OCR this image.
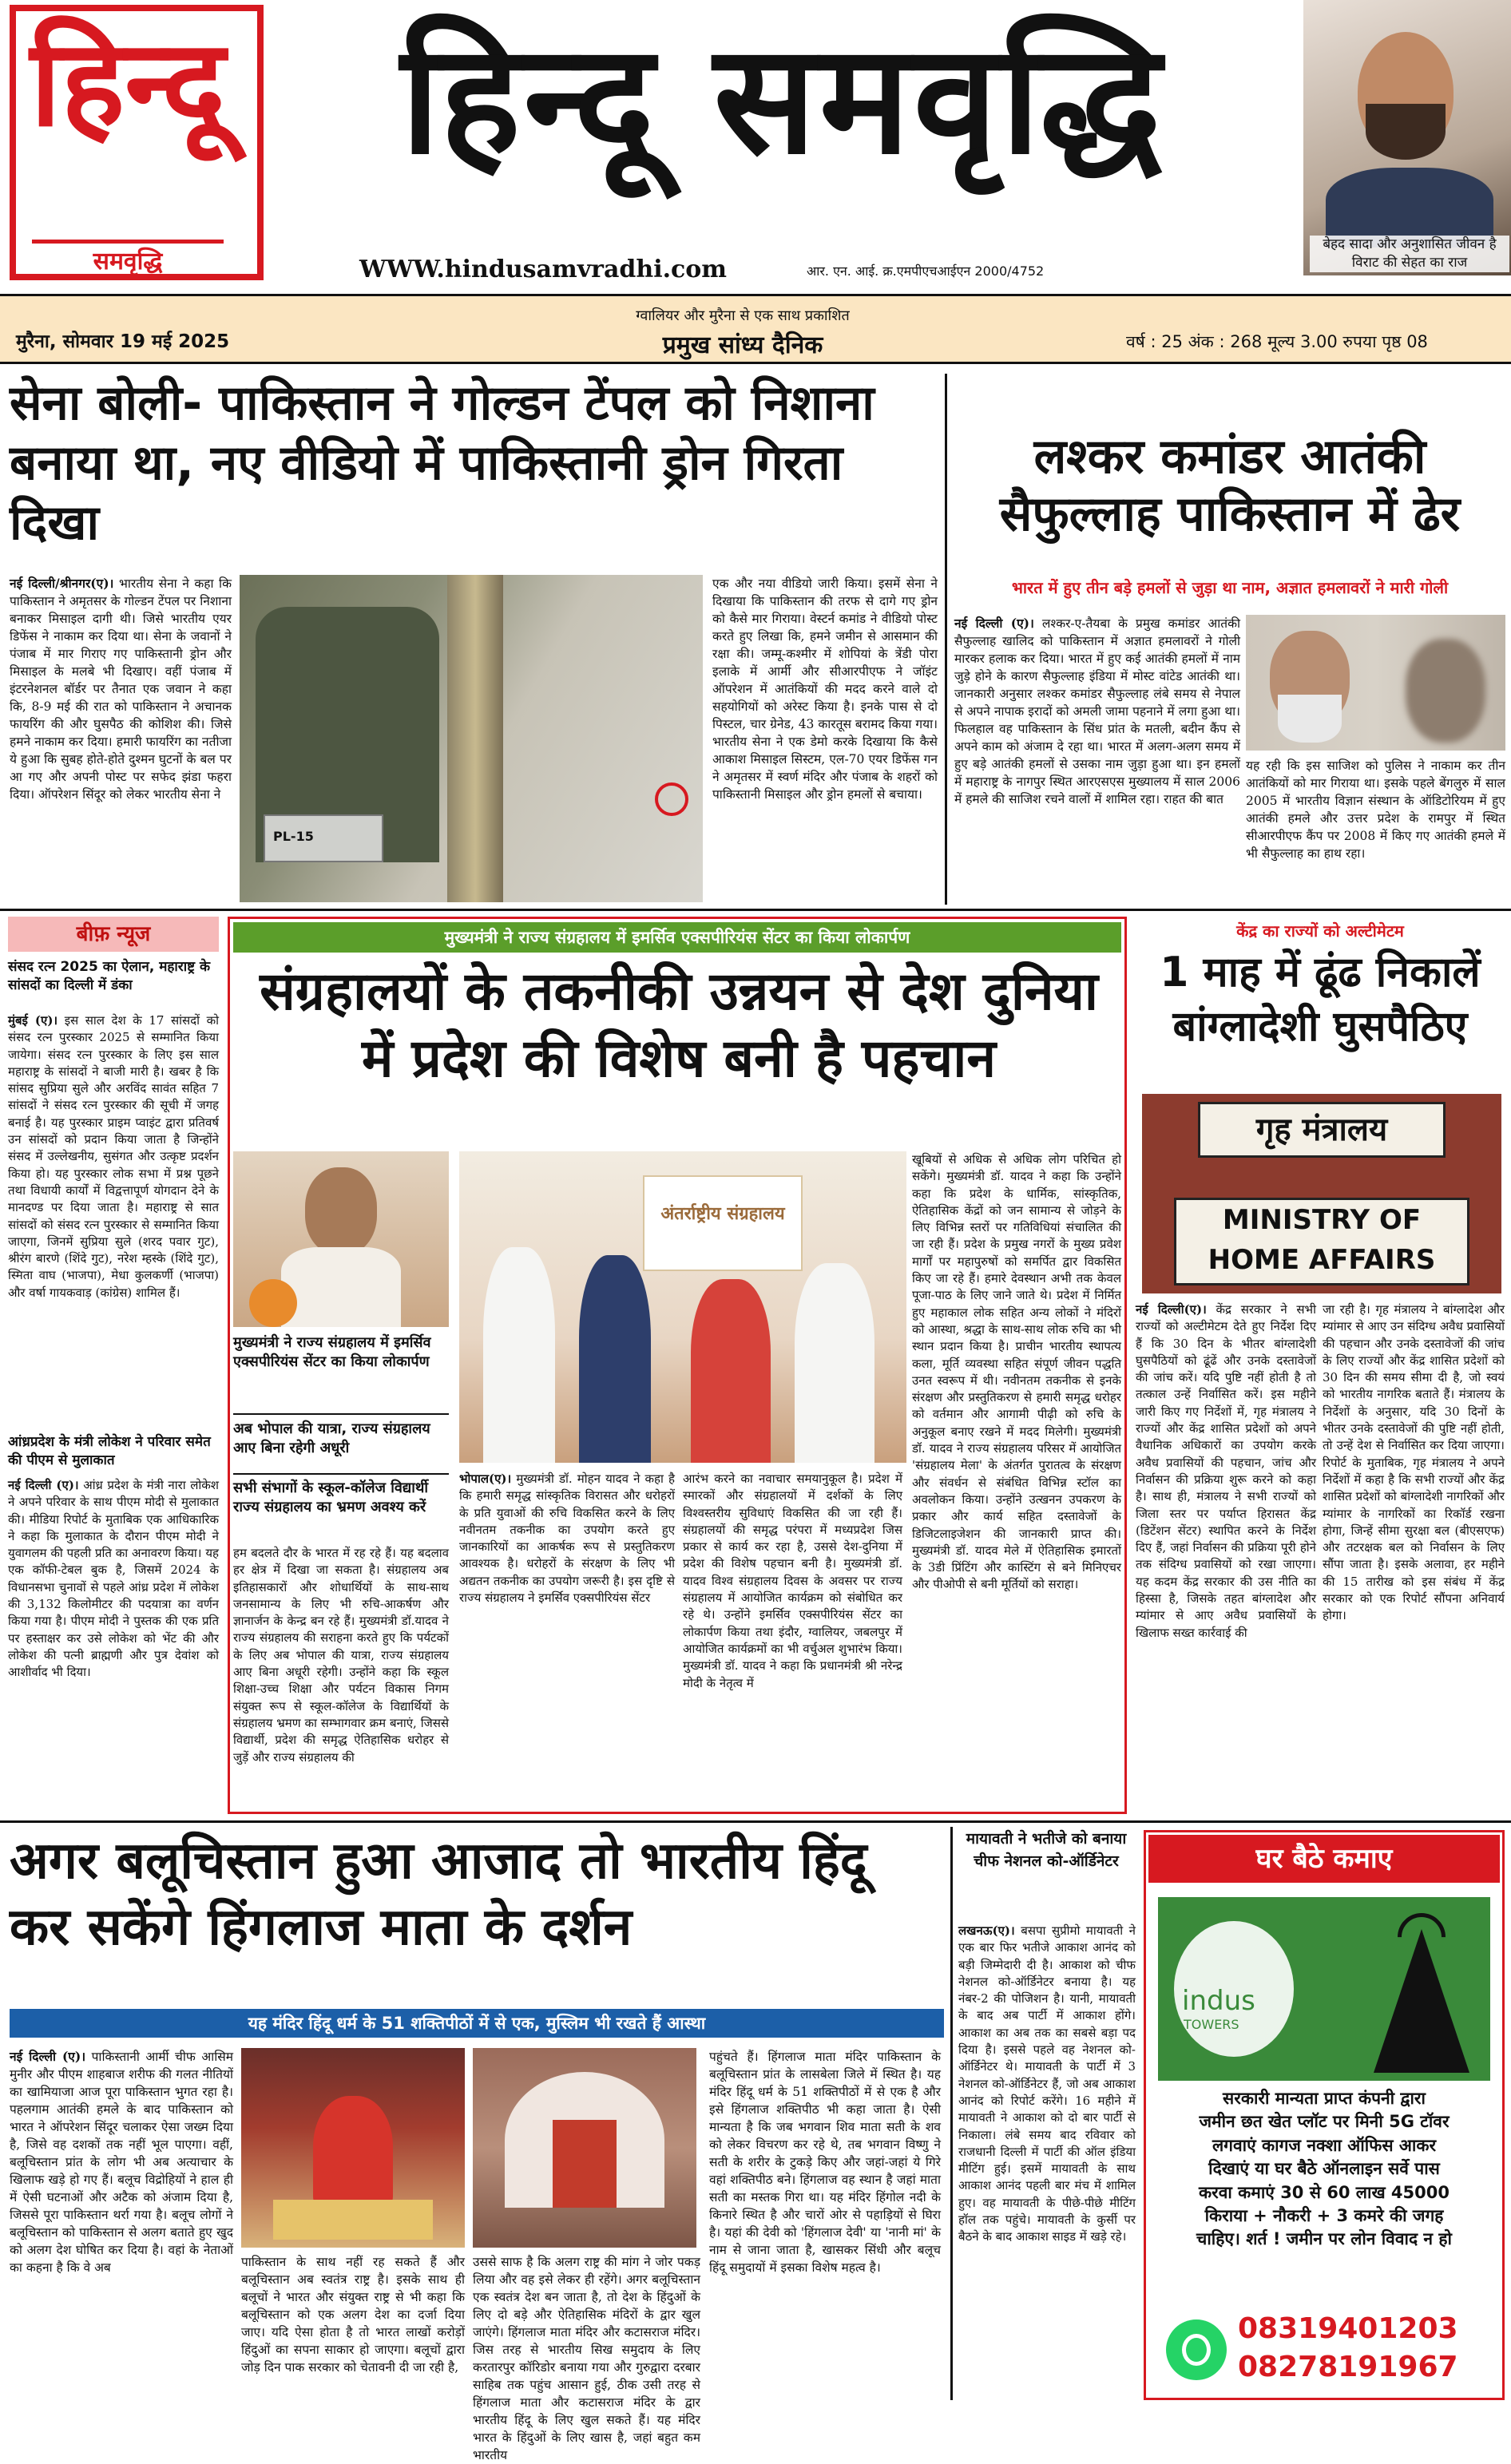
हिन्दू
समवृद्धि
हिन्दू समवृद्धि
WWW.hindusamvradhi.com	आर. एन. आई. क्र.एमपीएचआईएन 2000/4752
बेहद सादा और अनुशासित जीवन है विराट की सेहत का राज
मुरैना, सोमवार 19 मई 2025
ग्वालियर और मुरैना से एक साथ प्रकाशित
प्रमुख सांध्य दैनिक	वर्ष : 25 अंक : 268 मूल्य 3.00 रुपया पृष्ठ 08
सेना बोली- पाकिस्तान ने गोल्डन टेंपल को निशाना बनाया था, नए वीडियो में पाकिस्तानी ड्रोन गिरता दिखा
नई दिल्ली/श्रीनगर(ए)। भारतीय सेना ने कहा कि पाकिस्तान ने अमृतसर के गोल्डन टेंपल पर निशाना बनाकर मिसाइल दागी थी। जिसे भारतीय एयर डिफेंस ने नाकाम कर दिया था। सेना के जवानों ने पंजाब में मार गिराए गए पाकिस्तानी ड्रोन और मिसाइल के मलबे भी दिखाए। वहीं पंजाब में इंटरनेशनल बॉर्डर पर तैनात एक जवान ने कहा कि, 8-9 मई की रात को पाकिस्तान ने अचानक फायरिंग की और घुसपैठ की कोशिश की। जिसे हमने नाकाम कर दिया। हमारी फायरिंग का नतीजा ये हुआ कि सुबह होते-होते दुश्मन घुटनों के बल पर आ गए और अपनी पोस्ट पर सफेद झंडा फहरा दिया। ऑपरेशन सिंदूर को लेकर भारतीय सेना ने
PL-15
एक और नया वीडियो जारी किया। इसमें सेना ने दिखाया कि पाकिस्तान की तरफ से दागे गए ड्रोन को कैसे मार गिराया। वेस्टर्न कमांड ने वीडियो पोस्ट करते हुए लिखा कि, हमने जमीन से आसमान की रक्षा की। जम्मू-कश्मीर में शोपियां के त्रेंडी पोरा इलाके में आर्मी और सीआरपीएफ ने जॉइंट ऑपरेशन में आतंकियों की मदद करने वाले दो सहयोगियों को अरेस्ट किया है। इनके पास से दो पिस्टल, चार ग्रेनेड, 43 कारतूस बरामद किया गया। भारतीय सेना ने एक डेमो करके दिखाया कि कैसे आकाश मिसाइल सिस्टम, एल-70 एयर डिफेंस गन ने अमृतसर में स्वर्ण मंदिर और पंजाब के शहरों को पाकिस्तानी मिसाइल और ड्रोन हमलों से बचाया।
लश्कर कमांडर आतंकी सैफुल्लाह पाकिस्तान में ढेर
भारत में हुए तीन बड़े हमलों से जुड़ा था नाम, अज्ञात हमलावरों ने मारी गोली
नई दिल्ली (ए)। लश्कर-ए-तैयबा के प्रमुख कमांडर आतंकी सैफुल्लाह खालिद को पाकिस्तान में अज्ञात हमलावरों ने गोली मारकर हलाक कर दिया। भारत में हुए कई आतंकी हमलों में नाम जुड़े होने के कारण सैफुल्लाह इंडिया में मोस्ट वांटेड आतंकी था। जानकारी अनुसार लश्कर कमांडर सैफुल्लाह लंबे समय से नेपाल से अपने नापाक इरादों को अमली जामा पहनाने में लगा हुआ था। फिलहाल वह पाकिस्तान के सिंध प्रांत के मतली, बदीन कैंप से अपने काम को अंजाम दे रहा था। भारत में अलग-अलग समय में हुए बड़े आतंकी हमलों से उसका नाम जुड़ा हुआ था। इन हमलों में महाराष्ट्र के नागपुर स्थित आरएसएस मुख्यालय में साल 2006 में हमले की साजिश रचने वालों में शामिल रहा। राहत की बात
यह रही कि इस साजिश को पुलिस ने नाकाम कर तीन आतंकियों को मार गिराया था। इसके पहले बेंगलुरु में साल 2005 में भारतीय विज्ञान संस्थान के ऑडिटोरियम में हुए आतंकी हमले और उत्तर प्रदेश के रामपुर में स्थित सीआरपीएफ कैंप पर 2008 में किए गए आतंकी हमले में भी सैफुल्लाह का हाथ रहा।
बीफ़ न्यूज
संसद रत्न 2025 का ऐलान, महाराष्ट्र के सांसदों का दिल्ली में डंका
मुंबई (ए)। इस साल देश के 17 सांसदों को संसद रत्न पुरस्कार 2025 से सम्मानित किया जायेगा। संसद रत्न पुरस्कार के लिए इस साल महाराष्ट्र के सांसदों ने बाजी मारी है। खबर है कि सांसद सुप्रिया सुले और अरविंद सावंत सहित 7 सांसदों ने संसद रत्न पुरस्कार की सूची में जगह बनाई है। यह पुरस्कार प्राइम प्वाइंट द्वारा प्रतिवर्ष उन सांसदों को प्रदान किया जाता है जिन्होंने संसद में उल्लेखनीय, सुसंगत और उत्कृष्ट प्रदर्शन किया हो। यह पुरस्कार लोक सभा में प्रश्न पूछने तथा विधायी कार्यों में विद्वत्तापूर्ण योगदान देने के मानदण्ड पर दिया जाता है। महाराष्ट्र से सात सांसदों को संसद रत्न पुरस्कार से सम्मानित किया जाएगा, जिनमें सुप्रिया सुले (शरद पवार गुट), श्रीरंग बारणे (शिंदे गुट), नरेश म्हस्के (शिंदे गुट), स्मिता वाघ (भाजपा), मेधा कुलकर्णी (भाजपा) और वर्षा गायकवाड़ (कांग्रेस) शामिल हैं।
आंध्रप्रदेश के मंत्री लोकेश ने परिवार समेत की पीएम से मुलाकात
नई दिल्ली (ए)। आंध्र प्रदेश के मंत्री नारा लोकेश ने अपने परिवार के साथ पीएम मोदी से मुलाकात की। मीडिया रिपोर्ट के मुताबिक एक आधिकारिक ने कहा कि मुलाकात के दौरान पीएम मोदी ने युवागलम की पहली प्रति का अनावरण किया। यह एक कॉफी-टेबल बुक है, जिसमें 2024 के विधानसभा चुनावों से पहले आंध्र प्रदेश में लोकेश की 3,132 किलोमीटर की पदयात्रा का वर्णन किया गया है। पीएम मोदी ने पुस्तक की एक प्रति पर हस्ताक्षर कर उसे लोकेश को भेंट की और लोकेश की पत्नी ब्राह्मणी और पुत्र देवांश को आशीर्वाद भी दिया।
मुख्यमंत्री ने राज्य संग्रहालय में इमर्सिव एक्सपीरियंस सेंटर का किया लोकार्पण
संग्रहालयों के तकनीकी उन्नयन से देश दुनिया में प्रदेश की विशेष बनी है पहचान
मुख्यमंत्री ने राज्य संग्रहालय में इमर्सिव एक्सपीरियंस सेंटर का किया लोकार्पण
अब भोपाल की यात्रा, राज्य संग्रहालय आए बिना रहेगी अधूरी
सभी संभागों के स्कूल-कॉलेज विद्यार्थी राज्य संग्रहालय का भ्रमण अवश्य करें
अंतर्राष्ट्रीय संग्रहालय
भोपाल(ए)। मुख्यमंत्री डॉ. मोहन यादव ने कहा है कि हमारी समृद्ध सांस्कृतिक विरासत और धरोहरों के प्रति युवाओं की रुचि विकसित करने के लिए नवीनतम तकनीक का उपयोग करते हुए जानकारियों का आकर्षक रूप से प्रस्तुतिकरण आवश्यक है। धरोहरों के संरक्षण के लिए भी अद्यतन तकनीक का उपयोग जरूरी है। इस दृष्टि से राज्य संग्रहालय ने इमर्सिव एक्सपीरियंस सेंटर
आरंभ करने का नवाचार समयानुकूल है। प्रदेश में स्मारकों और संग्रहालयों में दर्शकों के लिए विश्वस्तरीय सुविधाएं विकसित की जा रही हैं। संग्रहालयों की समृद्ध परंपरा में मध्यप्रदेश जिस प्रकार से कार्य कर रहा है, उससे देश-दुनिया में प्रदेश की विशेष पहचान बनी है। मुख्यमंत्री डॉ. यादव विश्व संग्रहालय दिवस के अवसर पर राज्य संग्रहालय में आयोजित कार्यक्रम को संबोधित कर रहे थे। उन्होंने इमर्सिव एक्सपीरियंस सेंटर का लोकार्पण किया तथा इंदौर, ग्वालियर, जबलपुर में आयोजित कार्यक्रमों का भी वर्चुअल शुभारंभ किया। मुख्यमंत्री डॉ. यादव ने कहा कि प्रधानमंत्री श्री नरेन्द्र मोदी के नेतृत्व में
खूबियों से अधिक से अधिक लोग परिचित हो सकेंगे। मुख्यमंत्री डॉ. यादव ने कहा कि उन्होंने कहा कि प्रदेश के धार्मिक, सांस्कृतिक, ऐतिहासिक केंद्रों को जन सामान्य से जोड़ने के लिए विभिन्न स्तरों पर गतिविधियां संचालित की जा रही हैं। प्रदेश के प्रमुख नगरों के मुख्य प्रवेश मार्गों पर महापुरुषों को समर्पित द्वार विकसित किए जा रहे हैं। हमारे देवस्थान अभी तक केवल पूजा-पाठ के लिए जाने जाते थे। प्रदेश में निर्मित हुए महाकाल लोक सहित अन्य लोकों ने मंदिरों को आस्था, श्रद्धा के साथ-साथ लोक रुचि का भी स्थान प्रदान किया है। प्राचीन भारतीय स्थापत्य कला, मूर्ति व्यवस्था सहित संपूर्ण जीवन पद्धति उनत स्वरूप में थी। नवीनतम तकनीक से इनके संरक्षण और प्रस्तुतिकरण से हमारी समृद्ध धरोहर को वर्तमान और आगामी पीढ़ी को रुचि के अनुकूल बनाए रखने में मदद मिलेगी। मुख्यमंत्री डॉ. यादव ने राज्य संग्रहालय परिसर में आयोजित 'संग्रहालय मेला' के अंतर्गत पुरातत्व के संरक्षण और संवर्धन से संबंधित विभिन्न स्टॉल का अवलोकन किया। उन्होंने उत्खनन उपकरण के प्रकार और कार्य सहित दस्तावेजों के डिजिटलाइजेशन की जानकारी प्राप्त की। मुख्यमंत्री डॉ. यादव मेले में ऐतिहासिक इमारतों के 3डी प्रिंटिंग और कास्टिंग से बने मिनिएचर और पीओपी से बनी मूर्तियों को सराहा।
हम बदलते दौर के भारत में रह रहे हैं। यह बदलाव हर क्षेत्र में दिखा जा सकता है। संग्रहालय अब इतिहासकारों और शोधार्थियों के साथ-साथ जनसामान्य के लिए भी रुचि-आकर्षण और ज्ञानार्जन के केन्द्र बन रहे हैं। मुख्यमंत्री डॉ.यादव ने राज्य संग्रहालय की सराहना करते हुए कि पर्यटकों के लिए अब भोपाल की यात्रा, राज्य संग्रहालय आए बिना अधूरी रहेगी। उन्होंने कहा कि स्कूल शिक्षा-उच्च शिक्षा और पर्यटन विकास निगम संयुक्त रूप से स्कूल-कॉलेज के विद्यार्थियों के संग्रहालय भ्रमण का सम्भागवार क्रम बनाएं, जिससे विद्यार्थी, प्रदेश की समृद्ध ऐतिहासिक धरोहर से जुड़ें और राज्य संग्रहालय की
केंद्र का राज्यों को अल्टीमेटम
1 माह में ढूंढ निकालें बांग्लादेशी घुसपैठिए
गृह मंत्रालय
MINISTRY OF
HOME AFFAIRS
नई दिल्ली(ए)। केंद्र सरकार ने सभी राज्यों को अल्टीमेटम देते हुए निर्देश दिए हैं कि 30 दिन के भीतर बांग्लादेशी घुसपैठियों को ढूंढें और उनके दस्तावेजों की जांच करें। यदि पुष्टि नहीं होती है तो तत्काल उन्हें निर्वासित करें। इस महीने जारी किए गए निर्देशों में, गृह मंत्रालय ने राज्यों और केंद्र शासित प्रदेशों को अपने वैधानिक अधिकारों का उपयोग करके अवैध प्रवासियों की पहचान, जांच और निर्वासन की प्रक्रिया शुरू करने को कहा है। साथ ही, मंत्रालय ने सभी राज्यों को जिला स्तर पर पर्याप्त हिरासत केंद्र (डिटेंशन सेंटर) स्थापित करने के निर्देश दिए हैं, जहां निर्वासन की प्रक्रिया पूरी होने तक संदिग्ध प्रवासियों को रखा जाएगा। यह कदम केंद्र सरकार की उस नीति का हिस्सा है, जिसके तहत बांग्लादेश और म्यांमार से आए अवैध प्रवासियों के खिलाफ सख्त कार्रवाई की
जा रही है। गृह मंत्रालय ने बांग्लादेश और म्यांमार से आए उन संदिग्ध अवैध प्रवासियों की पहचान और उनके दस्तावेजों की जांच के लिए राज्यों और केंद्र शासित प्रदेशों को 30 दिन की समय सीमा दी है, जो स्वयं को भारतीय नागरिक बताते हैं। मंत्रालय के निर्देशों के अनुसार, यदि 30 दिनों के भीतर उनके दस्तावेजों की पुष्टि नहीं होती, तो उन्हें देश से निर्वासित कर दिया जाएगा। रिपोर्ट के मुताबिक, गृह मंत्रालय ने अपने निर्देशों में कहा है कि सभी राज्यों और केंद्र शासित प्रदेशों को बांग्लादेशी नागरिकों और म्यांमार के नागरिकों का रिकॉर्ड रखना होगा, जिन्हें सीमा सुरक्षा बल (बीएसएफ) और तटरक्षक बल को निर्वासन के लिए सौंपा जाता है। इसके अलावा, हर महीने की 15 तारीख को इस संबंध में केंद्र सरकार को एक रिपोर्ट सौंपना अनिवार्य होगा।
अगर बलूचिस्तान हुआ आजाद तो भारतीय हिंदू कर सकेंगे हिंगलाज माता के दर्शन
यह मंदिर हिंदू धर्म के 51 शक्तिपीठों में से एक, मुस्लिम भी रखते हैं आस्था
नई दिल्ली (ए)। पाकिस्तानी आर्मी चीफ आसिम मुनीर और पीएम शाहबाज शरीफ की गलत नीतियों का खामियाजा आज पूरा पाकिस्तान भुगत रहा है। पहलगाम आतंकी हमले के बाद पाकिस्तान को भारत ने ऑपरेशन सिंदूर चलाकर ऐसा जख्म दिया है, जिसे वह दशकों तक नहीं भूल पाएगा। वहीं, बलूचिस्तान प्रांत के लोग भी अब अत्याचार के खिलाफ खड़े हो गए हैं। बलूच विद्रोहियों ने हाल ही में ऐसी घटनाओं और अटैक को अंजाम दिया है, जिससे पूरा पाकिस्तान थर्रा गया है। बलूच लोगों ने बलूचिस्तान को पाकिस्तान से अलग बताते हुए खुद को अलग देश घोषित कर दिया है। वहां के नेताओं का कहना है कि वे अब	पाकिस्तान के साथ नहीं रह सकते हैं और बलूचिस्तान अब स्वतंत्र राष्ट्र है। इसके साथ ही बलूचों ने भारत और संयुक्त राष्ट्र से भी कहा कि बलूचिस्तान को एक अलग देश का दर्जा दिया जाए। यदि ऐसा होता है तो भारत लाखों करोड़ों हिंदुओं का सपना साकार हो जाएगा। बलूचों द्वारा जोड़ दिन पाक सरकार को चेतावनी दी जा रही है,
उससे साफ है कि अलग राष्ट्र की मांग ने जोर पकड़ लिया और वह इसे लेकर ही रहेंगे। अगर बलूचिस्तान एक स्वतंत्र देश बन जाता है, तो देश के हिंदुओं के लिए दो बड़े और ऐतिहासिक मंदिरों के द्वार खुल जाएंगे। हिंगलाज माता मंदिर और कटासराज मंदिर। जिस तरह से भारतीय सिख समुदाय के लिए करतारपुर कॉरिडोर बनाया गया और गुरुद्वारा दरबार साहिब तक पहुंच आसान हुई, ठीक उसी तरह से हिंगलाज माता और कटासराज मंदिर के द्वार भारतीय हिंदू के लिए खुल सकते हैं। यह मंदिर भारत के हिंदुओं के लिए खास है, जहां बहुत कम भारतीय
पहुंचते हैं। हिंगलाज माता मंदिर पाकिस्तान के बलूचिस्तान प्रांत के लासबेला जिले में स्थित है। यह मंदिर हिंदू धर्म के 51 शक्तिपीठों में से एक है और इसे हिंगलाज शक्तिपीठ भी कहा जाता है। ऐसी मान्यता है कि जब भगवान शिव माता सती के शव को लेकर विचरण कर रहे थे, तब भगवान विष्णु ने सती के शरीर के टुकड़े किए और जहां-जहां ये गिरे वहां शक्तिपीठ बने। हिंगलाज वह स्थान है जहां माता सती का मस्तक गिरा था। यह मंदिर हिंगोल नदी के किनारे स्थित है और चारों ओर से पहाड़ियों से घिरा है। यहां की देवी को 'हिंगलाज देवी' या 'नानी मां' के नाम से जाना जाता है, खासकर सिंधी और बलूच हिंदू समुदायों में इसका विशेष महत्व है।
मायावती ने भतीजे को बनाया चीफ नेशनल को-ऑर्डिनेटर
लखनऊ(ए)। बसपा सुप्रीमो मायावती ने एक बार फिर भतीजे आकाश आनंद को बड़ी जिम्मेदारी दी है। आकाश को चीफ नेशनल को-ऑर्डिनेटर बनाया है। यह नंबर-2 की पोजिशन है। यानी, मायावती के बाद अब पार्टी में आकाश होंगे। आकाश का अब तक का सबसे बड़ा पद दिया है। इससे पहले वह नेशनल को-ऑर्डिनेटर थे। मायावती के पार्टी में 3 नेशनल को-ऑर्डिनेटर हैं, जो अब आकाश आनंद को रिपोर्ट करेंगे। 16 महीने में मायावती ने आकाश को दो बार पार्टी से निकाला। लंबे समय बाद रविवार को राजधानी दिल्ली में पार्टी की ऑल इंडिया मीटिंग हुई। इसमें मायावती के साथ आकाश आनंद पहली बार मंच में शामिल हुए। वह मायावती के पीछे-पीछे मीटिंग हॉल तक पहुंचे। मायावती के कुर्सी पर बैठने के बाद आकाश साइड में खड़े रहे।
घर बैठे कमाए
indus
TOWERS
सरकारी मान्यता प्राप्त कंपनी द्वारा
जमीन छत खेत प्लॉट पर मिनी 5G टॉवर
लगवाएं कागज नक्शा ऑफिस आकर
दिखाएं या घर बैठे ऑनलाइन सर्वे पास
करवा कमाएं 30 से 60 लाख 45000
किराया + नौकरी + 3 कमरे की जगह
चाहिए। शर्त ! जमीन पर लोन विवाद न हो
08319401203
08278191967
